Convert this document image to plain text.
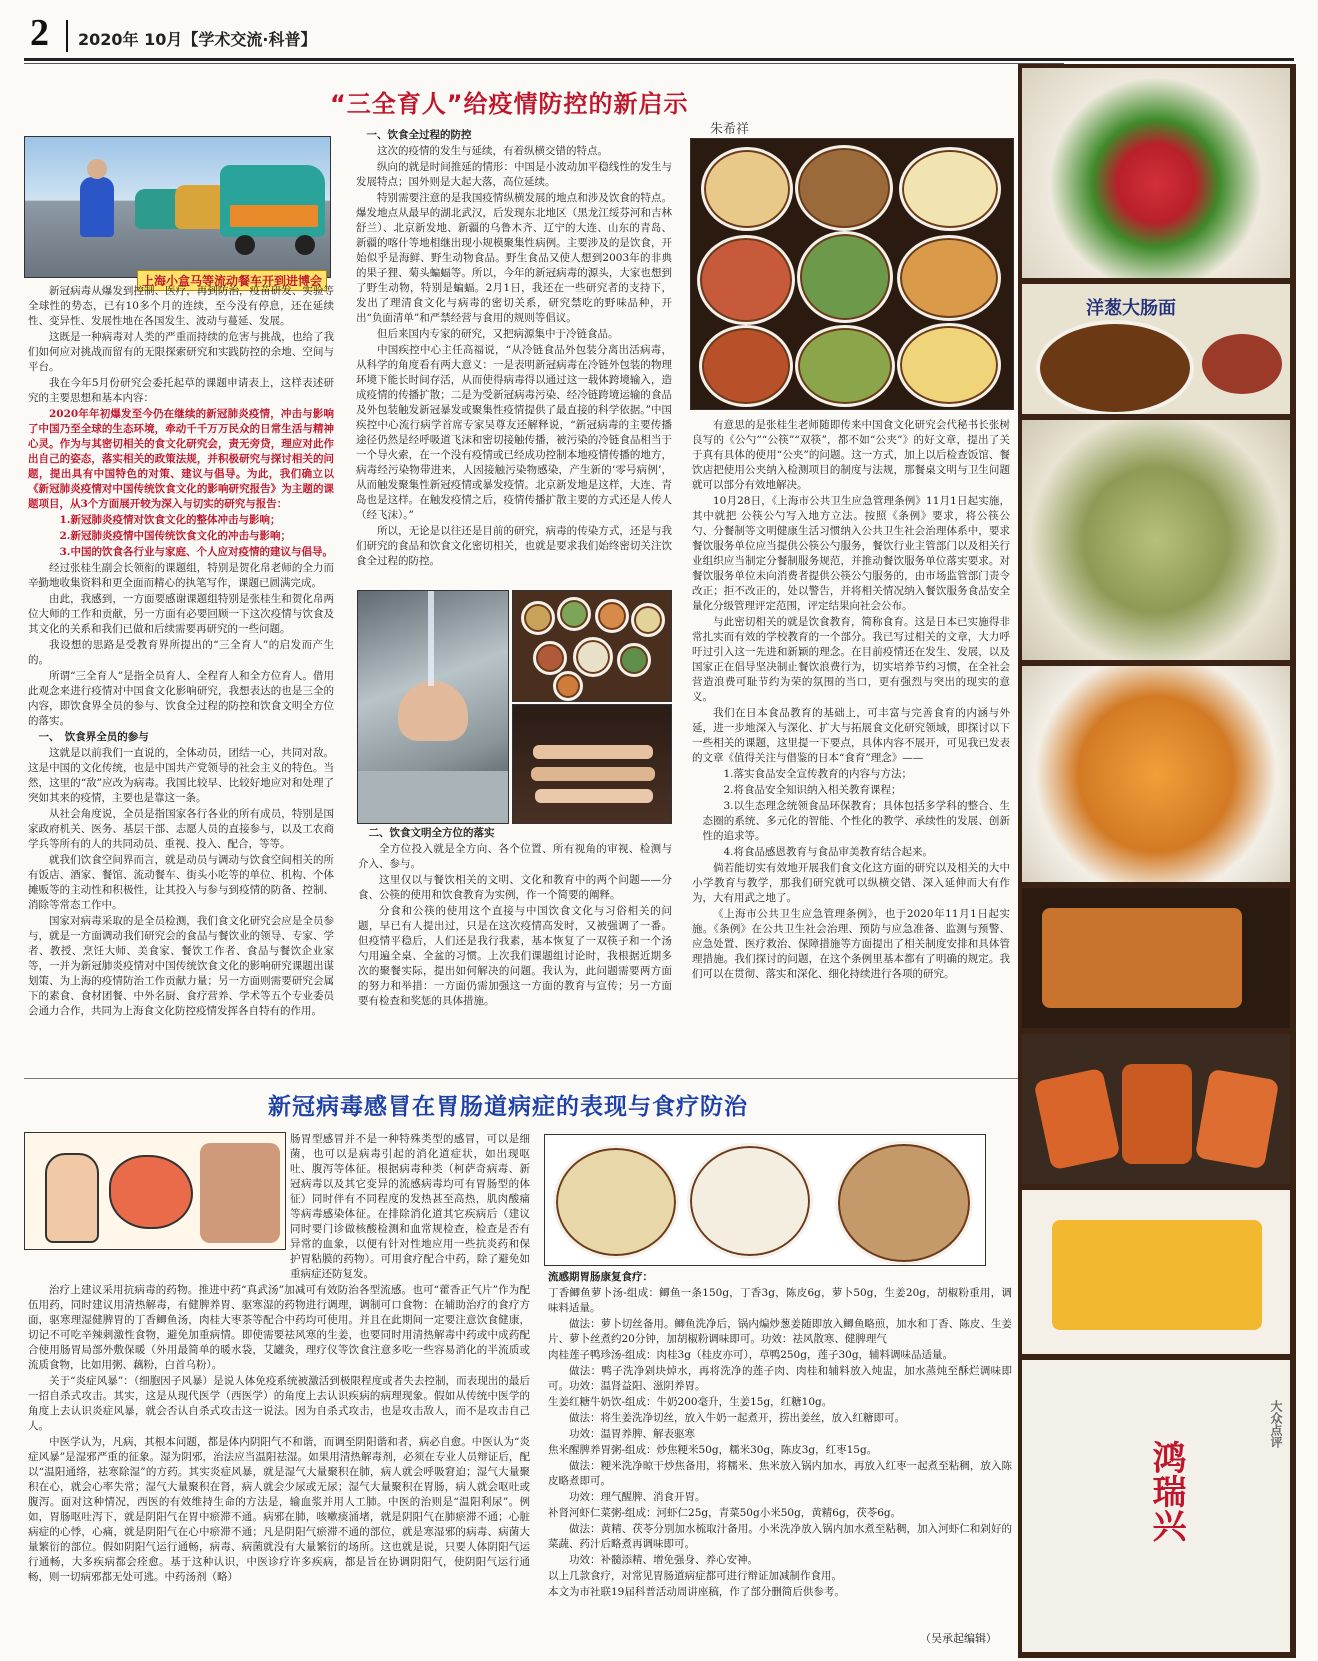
2 2020年 10月【学术交流·科普】
“三全育人”给疫情防控的新启示
朱希祥
上海小盒马等流动餐车开到进博会

新冠病毒从爆发到控制、医疗，再到防治，疫苗研发、实验等全球性的势态，已有10多个月的连续，至今没有停息，还在延续性、变异性、发展性地在各国发生、波动与蔓延、发展。

这既是一种病毒对人类的严重而持续的危害与挑战，也给了我们如何应对挑战而留有的无限探索研究和实践防控的余地、空间与平台。

我在今年5月份研究会委托起草的课题申请表上，这样表述研究的主要思想和基本内容：

2020年年初爆发至今仍在继续的新冠肺炎疫情，冲击与影响了中国乃至全球的生态环境，牵动千千万万民众的日常生活与精神心灵。作为与其密切相关的食文化研究会，责无旁贷，理应对此作出自己的姿态，落实相关的政策法规，并积极研究与探讨相关的问题，提出具有中国特色的对策、建议与倡导。为此，我们确立以《新冠肺炎疫情对中国传统饮食文化的影响研究报告》为主题的课题项目，从3个方面展开较为深入与切实的研究与报告：

1.新冠肺炎疫情对饮食文化的整体冲击与影响；

2.新冠肺炎疫情中国传统饮食文化的冲击与影响；

3.中国的饮食各行业与家庭、个人应对疫情的建议与倡导。

经过张桂生副会长领衔的课题组，特别是贺化帛老师的全力而辛勤地收集资料和更全面而精心的执笔写作，课题已圆满完成。

由此，我感到，一方面要感谢课题组特别是张桂生和贺化帛两位大师的工作和贡献，另一方面有必要回顾一下这次疫情与饮食及其文化的关系和我们已做和后续需要再研究的一些问题。

我设想的思路是受教育界所提出的“三全育人”的启发而产生的。

所谓“三全育人”是指全员育人、全程育人和全方位育人。借用此观念来进行疫情对中国食文化影响研究，我想表达的也是三全的内容，即饮食界全员的参与、饮食全过程的防控和饮食文明全方位的落实。

一、　饮食界全员的参与

这就是以前我们一直说的，全体动员，团结一心，共同对敌。这是中国的文化传统，也是中国共产党领导的社会主义的特色。当然，这里的“敌”应改为病毒。我国比较早、比较好地应对和处理了突如其来的疫情，主要也是靠这一条。

从社会角度说，全员是指国家各行各业的所有成员，特别是国家政府机关、医务、基层干部、志愿人员的直接参与，以及工农商学兵等所有的人的共同动员、重视、投入、配合，等等。

就我们饮食空间界而言，就是动员与调动与饮食空间相关的所有饭店、酒家、餐馆、流动餐车、街头小吃等的单位、机构、个体摊贩等的主动性和积极性，让其投入与参与到疫情的防备、控制、消除等常态工作中。

国家对病毒采取的是全员检测，我们食文化研究会应是全员参与，就是一方面调动我们研究会的食品与餐饮业的领导、专家、学者、教授、烹饪大师、美食家、餐饮工作者、食品与餐饮企业家等，一并为新冠肺炎疫情对中国传统饮食文化的影响研究课题出谋划策、为上海的疫情防治工作贡献力量；另一方面则需要研究会属下的素食、食材团餐、中外名厨、食疗营养、学术等五个专业委员会通力合作，共同为上海食文化防控疫情发挥各自特有的作用。

一、饮食全过程的防控

这次的疫情的发生与延续，有着纵横交错的特点。

纵向的就是时间推延的情形：中国是小波动加平稳线性的发生与发展特点；国外则是大起大落，高位延续。

特别需要注意的是我国疫情纵横发展的地点和涉及饮食的特点。爆发地点从最早的湖北武汉，后发现东北地区（黑龙江绥芬河和吉林舒兰）、北京新发地、新疆的乌鲁木齐、辽宁的大连、山东的青岛、新疆的喀什等地相继出现小规模聚集性病例。主要涉及的是饮食，开始似乎是海鲜、野生动物食品。野生食品又使人想到2003年的非典的果子狸、菊头蝙蝠等。所以，今年的新冠病毒的源头，大家也想到了野生动物，特别是蝙蝠。2月1日，我还在一些研究者的支持下，发出了理清食文化与病毒的密切关系，研究禁吃的野味品种，开出“负面清单”和严禁经营与食用的规则等倡议。

但后来国内专家的研究，又把病源集中于冷链食品。

中国疾控中心主任高福说，“从冷链食品外包装分离出活病毒，从科学的角度看有两大意义：一是表明新冠病毒在冷链外包装的物理环境下能长时间存活，从而使得病毒得以通过这一载体跨境输入，造成疫情的传播扩散；二是为受新冠病毒污染、经冷链跨境运输的食品及外包装触发新冠暴发或聚集性疫情提供了最直接的科学依据。”中国疾控中心流行病学首席专家吴尊友还解释说，“新冠病毒的主要传播途径仍然是经呼吸道飞沫和密切接触传播，被污染的冷链食品相当于一个导火索，在一个没有疫情或已经成功控制本地疫情传播的地方，病毒经污染物带进来，人因接触污染物感染，产生新的‘零号病例’，从而触发聚集性新冠疫情或暴发疫情。北京新发地是这样，大连、青岛也是这样。在触发疫情之后，疫情传播扩散主要的方式还是人传人（经飞沫）。”

所以，无论是以往还是目前的研究，病毒的传染方式，还是与我们研究的食品和饮食文化密切相关，也就是要求我们始终密切关注饮食全过程的防控。

二、饮食文明全方位的落实

全方位投入就是全方向、各个位置、所有视角的审视、检测与介入、参与。

这里仅以与餐饮相关的文明、文化和教育中的两个问题——分食、公筷的使用和饮食教育为实例，作一个简要的阐释。

分食和公筷的使用这个直接与中国饮食文化与习俗相关的问题，早已有人提出过，只是在这次疫情高发时，又被强调了一番。但疫情平稳后，人们还是我行我素，基本恢复了一双筷子和一个汤勺用遍全桌、全盆的习惯。上次我们课题组讨论时，我根据近期多次的聚餐实际，提出如何解决的问题。我认为，此问题需要两方面的努力和举措：一方面仍需加强这一方面的教育与宣传；另一方面要有检查和奖惩的具体措施。

有意思的是张桂生老师随即传来中国食文化研究会代秘书长张树良写的《公勺”“公筷”“双筷”，都不如“公夹”》的好文章，提出了关于真有具体的使用“公夹”的问题。这一方式，加上以后检查饭馆、餐饮店把使用公夹纳入检测项目的制度与法规，那餐桌文明与卫生问题就可以部分有效地解决。

10月28日，《上海市公共卫生应急管理条例》11月1日起实施，其中就把 公筷公勺写入地方立法。按照《条例》要求，将公筷公勺、分餐制等文明健康生活习惯纳入公共卫生社会治理体系中，要求餐饮服务单位应当提供公筷公勺服务，餐饮行业主管部门以及相关行业组织应当制定分餐制服务规范，并推动餐饮服务单位落实要求。对餐饮服务单位未向消费者提供公筷公勺服务的，由市场监管部门责令改正；拒不改正的，处以警告，并将相关情况纳入餐饮服务食品安全量化分级管理评定范围，评定结果向社会公布。

与此密切相关的就是饮食教育，简称食育。这是日本已实施得非常扎实而有效的学校教育的一个部分。我已写过相关的文章，大力呼吁过引入这一先进和新颖的理念。在目前疫情还在发生、发展，以及国家正在倡导坚决制止餐饮浪费行为，切实培养节约习惯，在全社会营造浪费可耻节约为荣的氛围的当口，更有强烈与突出的现实的意义。

我们在日本食品教育的基础上，可丰富与完善食育的内涵与外延，进一步地深入与深化、扩大与拓展食文化研究领域，即探讨以下一些相关的课题，这里提一下要点，具体内容不展开，可见我已发表的文章《值得关注与借鉴的日本“食育”理念》——

1.落实食品安全宣传教育的内容与方法；

2.将食品安全知识纳入相关教育课程；

3.以生态理念统领食品环保教育；具体包括多学科的整合、生态圈的系统、多元化的智能、个性化的教学、承续性的发展、创新性的追求等。

4.将食品感恩教育与食品审美教育结合起来。

倘若能切实有效地开展我们食文化这方面的研究以及相关的大中小学教育与教学，那我们研究就可以纵横交错、深入延伸而大有作为，大有用武之地了。

《上海市公共卫生应急管理条例》，也于2020年11月1日起实施。《条例》在公共卫生社会治理、预防与应急准备、监测与预警、应急处置、医疗救治、保障措施等方面提出了相关制度安排和具体管理措施。我们探讨的问题，在这个条例里基本都有了明确的规定。我们可以在贯彻、落实和深化、细化持续进行各项的研究。

新冠病毒感冒在胃肠道病症的表现与食疗防治

肠胃型感冒并不是一种特殊类型的感冒，可以是细菌，也可以是病毒引起的消化道症状，如出现呕吐、腹泻等体征。根据病毒种类（柯萨奇病毒、新冠病毒以及其它变异的流感病毒均可有胃肠型的体征）同时伴有不同程度的发热甚至高热，肌肉酸痛等病毒感染体征。在排除消化道其它疾病后（建议同时要门诊做核酸检测和血常规检查，检查是否有异常的血象，以便有针对性地应用一些抗炎药和保护胃粘膜的药物）。可用食疗配合中药，除了避免如重病症还防复发。

治疗上建议采用抗病毒的药物。推进中药“真武汤”加减可有效防治各型流感。也可“藿香正气片”作为配伍用药，同时建议用清热解毒，有健脾养胃、驱寒湿的药物进行调理，调制可口食物：在辅助治疗的食疗方面，驱寒理湿健脾胃的丁香鲫鱼汤，肉桂大枣茶等配合中药均可使用。并且在此期间一定要注意饮食健康，切记不可吃辛辣刺激性食物，避免加重病情。即使需要祛风寒的生姜，也要同时用清热解毒中药或中成药配合使用肠胃局部外敷保暖（外用最简单的暖水袋，艾罐灸，理疗仪等饮食注意多吃一些容易消化的半流质或流质食物，比如用粥、藕粉，白首乌粉）。

关于“炎症风暴”：（细胞因子风暴）是说人体免疫系统被激活到极限程度或者失去控制，而表现出的最后一招自杀式攻击。其实，这是从现代医学（西医学）的角度上去认识疾病的病理现象。假如从传统中医学的角度上去认识炎症风暴，就会否认自杀式攻击这一说法。因为自杀式攻击，也是攻击敌人，而不是攻击自己人。

中医学认为，凡病，其根本问题，都是体内阴阳气不和谐，而调至阴阳谐和者，病必自愈。中医认为“炎症风暴”是湿邪严重的征象。湿为阴邪，治法应当温阳祛湿。如果用清热解毒剂，必须在专业人员辩证后，配以“温阳通络，祛寒除湿”的方药。其实炎症风暴，就是湿气大量聚积在肺，病人就会呼吸窘迫；湿气大量聚积在心，就会心率失常；湿气大量聚积在肾，病人就会少尿或无尿；湿气大量聚积在胃肠，病人就会呕吐或腹泻。面对这种情况，西医的有效维持生命的方法是，输血浆并用人工肺。中医的治则是“温阳利尿”。例如，胃肠呕吐泻下，就是阴阳气在胃中瘀滞不通。病邪在肺，咳嗽痰涌堵，就是阴阳气在肺瘀滞不通；心脏病症的心悸，心痛，就是阴阳气在心中瘀滞不通；凡是阴阳气瘀滞不通的部位，就是寒湿邪的病毒、病菌大量繁衍的部位。假如阴阳气运行通畅，病毒、病菌就没有大量繁衍的场所。这也就是说，只要人体阴阳气运行通畅，大多疾病都会痊愈。基于这种认识，中医诊疗许多疾病，都是旨在协调阴阳气，使阴阳气运行通畅，则一切病邪都无处可逃。中药汤剂（略）

流感期胃肠康复食疗：

丁香鲫鱼萝卜汤-组成：鲫鱼一条150g，丁香3g，陈皮6g，萝卜50g，生姜20g，胡椒粉重用，调味料适量。

做法：萝卜切丝备用。鲫鱼洗净后，锅内煸炒葱姜随即放入鲫鱼略煎，加水和丁香、陈皮、生姜片、萝卜丝煮约20分钟，加胡椒粉调味即可。功效：祛风散寒、健脾理气

肉桂莲子鸭珍汤-组成：肉桂3g（桂皮亦可），草鸭250g，莲子30g，辅料调味品适量。

做法：鸭子洗净剁块焯水，再将洗净的莲子肉、肉桂和辅料放入炖盅，加水蒸炖至酥烂调味即可。功效：温肾益阳、滋阴养胃。

生姜红糖牛奶饮-组成：牛奶200毫升，生姜15g，红糖10g。

做法：将生姜洗净切丝，放入牛奶一起煮开，捞出姜丝，放入红糖即可。

功效：温胃养脾、解表驱寒

焦米醒脾养胃粥-组成：炒焦粳米50g，糯米30g，陈皮3g，红枣15g。

做法：粳米洗净晾干炒焦备用，将糯米、焦米放入锅内加水，再放入红枣一起煮至粘稠，放入陈皮略煮即可。

功效：理气醒脾、消食开胃。

补肾河虾仁菜粥-组成：河虾仁25g，青菜50g小米50g，黄精6g，茯苓6g。

做法：黄精、茯苓分别加水梳取汁备用。小米洗净放入锅内加水煮至粘稠，加入河虾仁和剁好的菜蔬、药汁后略煮再调味即可。

功效：补髓添精、增免强身、养心安神。

以上几款食疗，对常见胃肠道病症都可进行辩证加减制作食用。

本文为市社联19届科普活动周讲座稿，作了部分删简后供参考。

（吴承起编辑）
洋葱大肠面
鸿瑞兴
大众点评
